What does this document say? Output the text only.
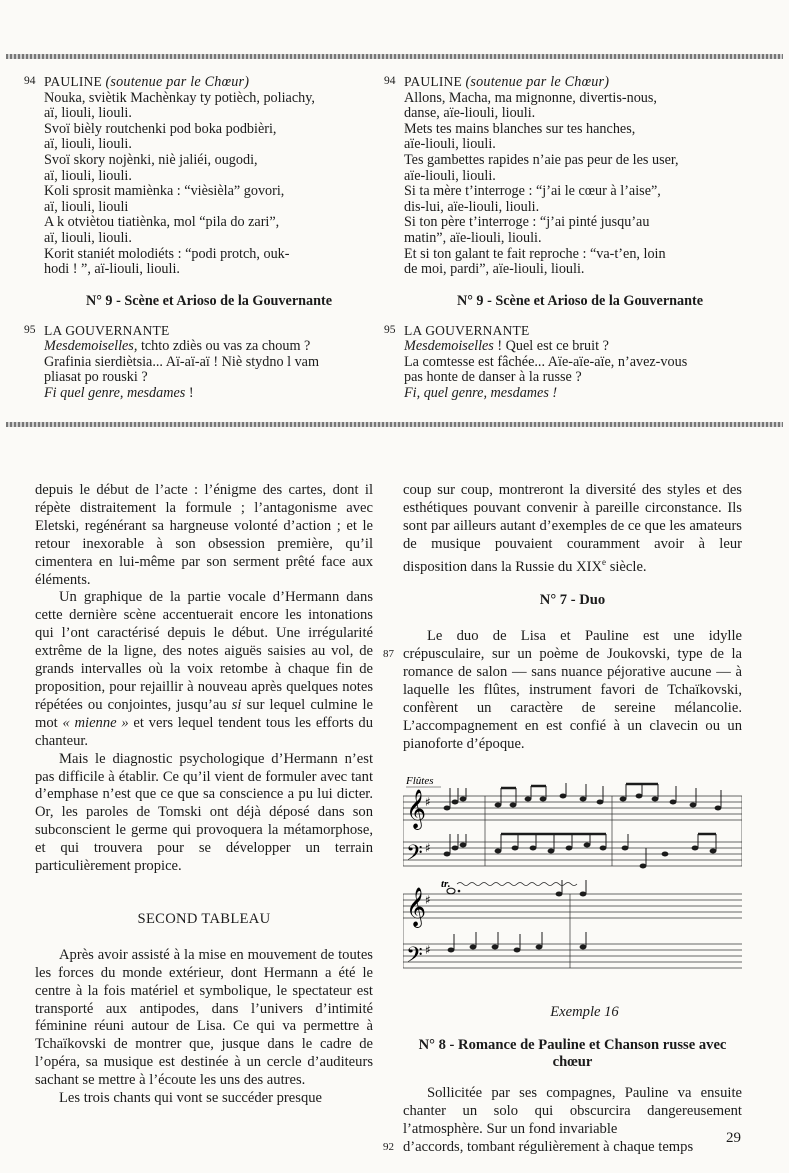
94 PAULINE (soutenue par le Chœur)
Nouka, sviètik Machènkay ty potièch, poliachy,
aï, liouli, liouli.
Svoï bièly routchenki pod boka podbièri,
aï, liouli, liouli.
Svoï skory nojènki, niè jaliéi, ougodi,
aï, liouli, liouli.
Koli sprosit mamiènka : “vièsièla” govori,
aï, liouli, liouli
A k otviètou tiatiènka, mol “pila do zari”,
aï, liouli, liouli.
Korit staniét molodiéts : “podi protch, ouk-
hodi ! ”, aï-liouli, liouli.
N° 9 - Scène et Arioso de la Gouvernante
95 LA GOUVERNANTE
Mesdemoiselles, tchto zdiès ou vas za choum ?
Grafinia sierdiètsia... Aï-aï-aï ! Niè stydno l vam
pliasat po rouski ?
Fi quel genre, mesdames !
94 PAULINE (soutenue par le Chœur)
Allons, Macha, ma mignonne, divertis-nous,
danse, aïe-liouli, liouli.
Mets tes mains blanches sur tes hanches,
aïe-liouli, liouli.
Tes gambettes rapides n’aie pas peur de les user,
aïe-liouli, liouli.
Si ta mère t’interroge : “j’ai le cœur à l’aise”,
dis-lui, aïe-liouli, liouli.
Si ton père t’interroge : “j’ai pinté jusqu’au
matin”, aïe-liouli, liouli.
Et si ton galant te fait reproche : “va-t’en, loin
de moi, pardi”, aïe-liouli, liouli.
N° 9 - Scène et Arioso de la Gouvernante
95 LA GOUVERNANTE
Mesdemoiselles ! Quel est ce bruit ?
La comtesse est fâchée... Aïe-aïe-aïe, n’avez-vous
pas honte de danser à la russe ?
Fi, quel genre, mesdames !

depuis le début de l’acte : l’énigme des cartes, dont il répète distraitement la formule ; l’antagonisme avec Eletski, regénérant sa hargneuse volonté d’action ; et le retour inexorable à son obsession première, qu’il cimentera en lui-même par son serment prêté face aux éléments.

Un graphique de la partie vocale d’Hermann dans cette dernière scène accentuerait encore les intonations qui l’ont caractérisé depuis le début. Une irrégularité extrême de la ligne, des notes aiguës saisies au vol, de grands intervalles où la voix retombe à chaque fin de proposition, pour rejaillir à nouveau après quelques notes répétées ou conjointes, jusqu’au si sur lequel culmine le mot « mienne » et vers lequel tendent tous les efforts du chanteur.

Mais le diagnostic psychologique d’Hermann n’est pas difficile à établir. Ce qu’il vient de formuler avec tant d’emphase n’est que ce que sa conscience a pu lui dicter. Or, les paroles de Tomski ont déjà déposé dans son subconscient le germe qui provoquera la métamorphose, et qui trouvera pour se développer un terrain particulièrement propice.

SECOND TABLEAU

Après avoir assisté à la mise en mouvement de toutes les forces du monde extérieur, dont Hermann a été le centre à la fois matériel et symbolique, le spectateur est transporté aux antipodes, dans l’univers d’intimité féminine réuni autour de Lisa. Ce qui va permettre à Tchaïkovski de montrer que, jusque dans le cadre de l’opéra, sa musique est destinée à un cercle d’auditeurs sachant se mettre à l’écoute les uns des autres.

Les trois chants qui vont se succéder presque

coup sur coup, montreront la diversité des styles et des esthétiques pouvant convenir à pareille circonstance. Ils sont par ailleurs autant d’exemples de ce que les amateurs de musique pouvaient couramment avoir à leur disposition dans la Russie du XIXe siècle.

N° 7 - Duo
87

Le duo de Lisa et Pauline est une idylle crépusculaire, sur un poème de Joukovski, type de la romance de salon — sans nuance péjorative aucune — à laquelle les flûtes, instrument favori de Tchaïkovski, confèrent un caractère de sereine mélancolie. L’accompagnement en est confié à un clavecin ou un pianoforte d’époque.

Flûtes
𝄞
𝄢
♯
♯
tr.
𝄞
𝄢
♯
♯

Exemple 16

N° 8 - Romance de Pauline et Chanson russe avec chœur

Sollicitée par ses compagnes, Pauline va ensuite chanter un solo qui obscurcira dangereusement l’atmosphère. Sur un fond invariable

92 d’accords, tombant régulièrement à chaque temps

29
